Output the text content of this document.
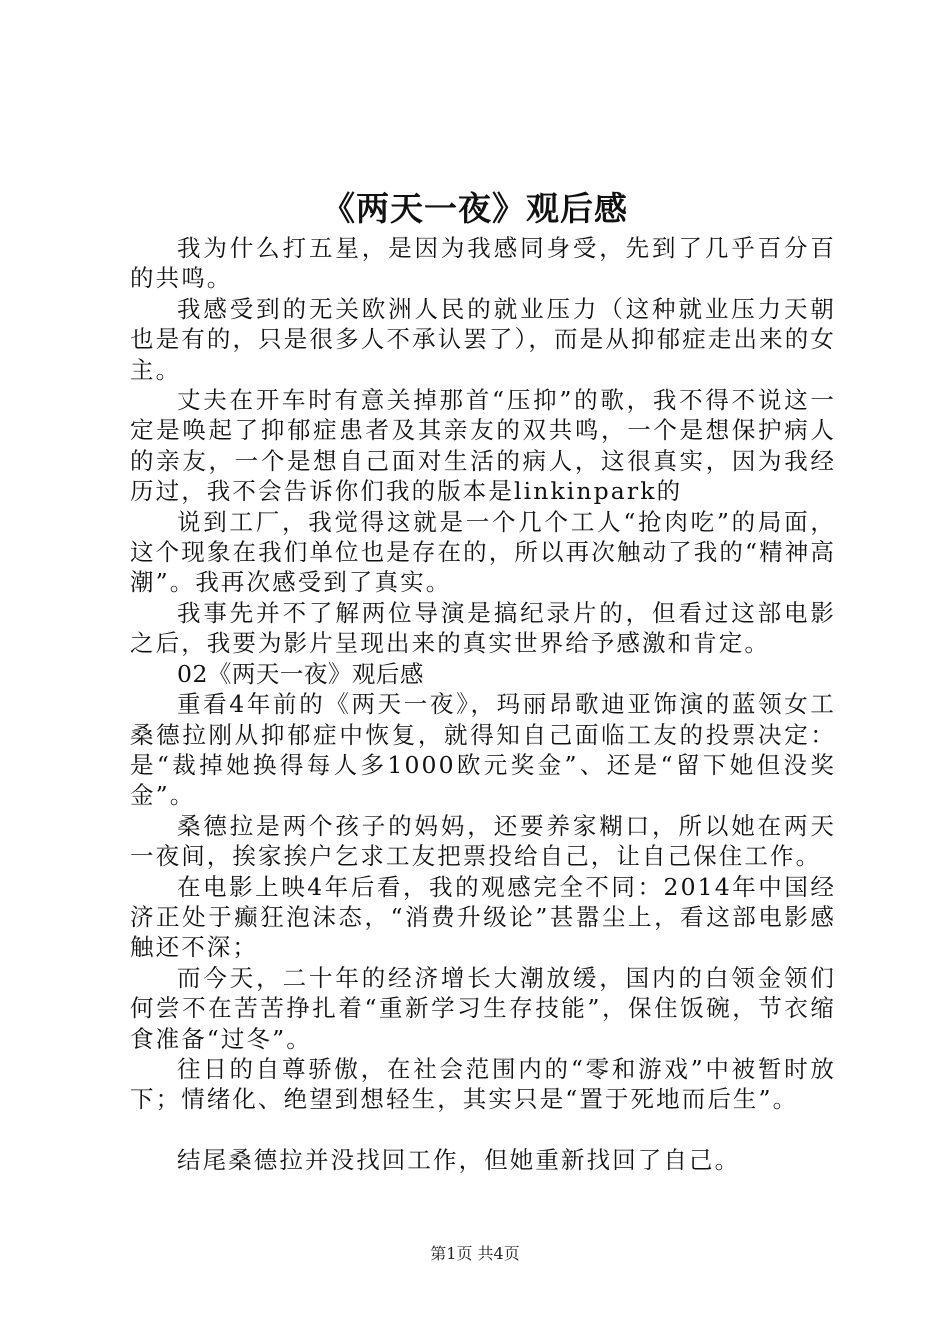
《两天一夜》观后感

我为什么打五星，是因为我感同身受，先到了几乎百分百的共鸣。

我感受到的无关欧洲人民的就业压力（这种就业压力天朝也是有的，只是很多人不承认罢了），而是从抑郁症走出来的女主。

丈夫在开车时有意关掉那首“压抑”的歌，我不得不说这一定是唤起了抑郁症患者及其亲友的双共鸣，一个是想保护病人的亲友，一个是想自己面对生活的病人，这很真实，因为我经历过，我不会告诉你们我的版本是linkinpark的

说到工厂，我觉得这就是一个几个工人“抢肉吃”的局面，这个现象在我们单位也是存在的，所以再次触动了我的“精神高潮”。我再次感受到了真实。

我事先并不了解两位导演是搞纪录片的，但看过这部电影之后，我要为影片呈现出来的真实世界给予感激和肯定。

02《两天一夜》观后感

重看4年前的《两天一夜》，玛丽昂歌迪亚饰演的蓝领女工桑德拉刚从抑郁症中恢复，就得知自己面临工友的投票决定：是“裁掉她换得每人多1000欧元奖金”、还是“留下她但没奖金”。

桑德拉是两个孩子的妈妈，还要养家糊口，所以她在两天一夜间，挨家挨户乞求工友把票投给自己，让自己保住工作。

在电影上映4年后看，我的观感完全不同：2014年中国经济正处于癫狂泡沫态，“消费升级论”甚嚣尘上，看这部电影感触还不深；

而今天，二十年的经济增长大潮放缓，国内的白领金领们何尝不在苦苦挣扎着“重新学习生存技能”，保住饭碗，节衣缩食准备“过冬”。

往日的自尊骄傲，在社会范围内的“零和游戏”中被暂时放下；情绪化、绝望到想轻生，其实只是“置于死地而后生”。

结尾桑德拉并没找回工作，但她重新找回了自己。

第1页 共4页
